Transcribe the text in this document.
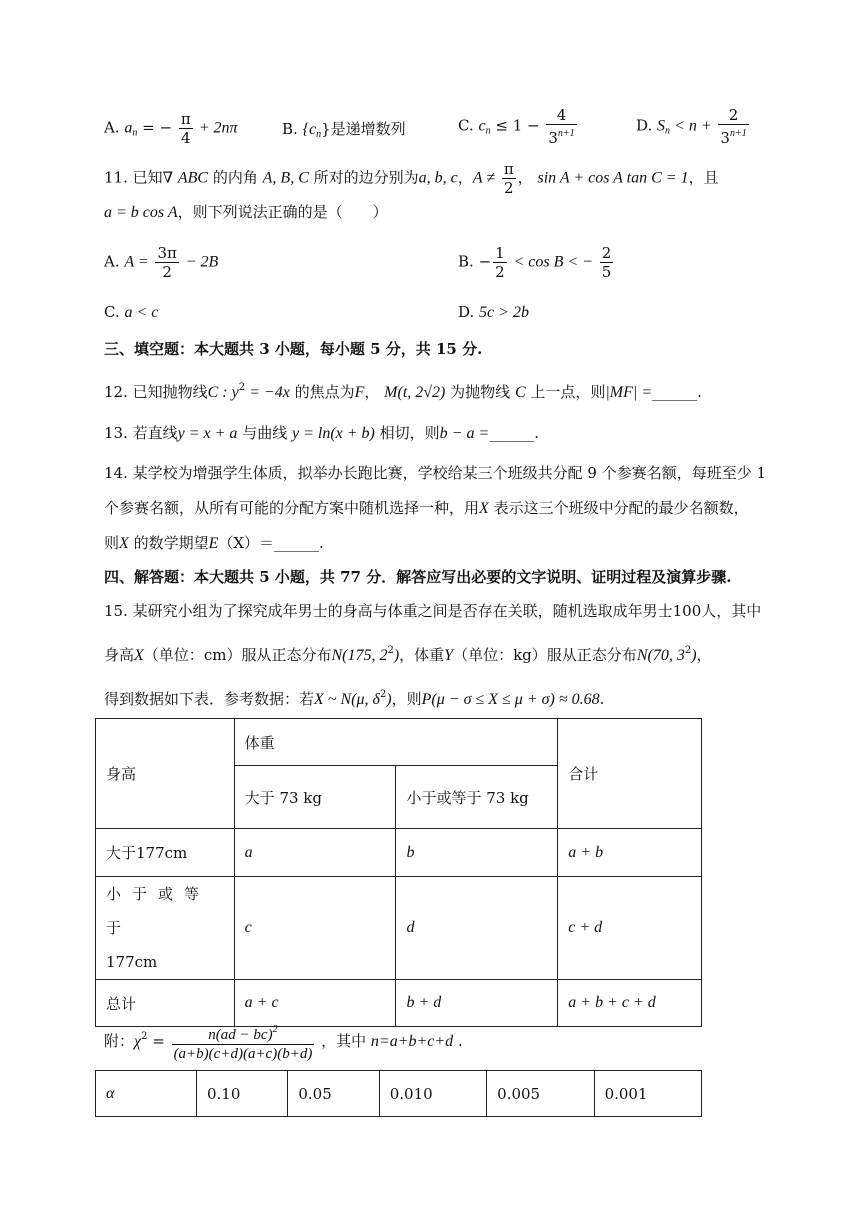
A. $a_n$ = − $\frac{\pi}{4} + 2n\pi$	B. $\{c_n\}$是递增数列	C. $c_n \le 1 - \frac{4}{3^{n+1}}$	D. $S_n < n + \frac{2}{3^{n+1}}$
11. 已知∇ ABC 的内角 A, B, C 所对的边分别为a, b, c，$A \ne \frac{\pi}{2}$ ， sin A + cos A tan C = 1，且
a = b cos A，则下列说法正确的是（　　）
A. $A = \frac{3\pi}{2} - 2B$	B. − $\frac{1}{2} < \cos B$ < − $\frac{2}{5}$
C. a < c	D. 5c > 2b
三、填空题：本大题共 3 小题，每小题 5 分，共 15 分.
12. 已知抛物线C : $y^2 = -4x$ 的焦点为F， M(t, 2√2) 为抛物线 C 上一点，则|MF| =______.
13. 若直线y = x + a 与曲线 y = ln(x + b) 相切，则b − a =______.
14. 某学校为增强学生体质，拟举办长跑比赛，学校给某三个班级共分配 9 个参赛名额，每班至少 1
个参赛名额，从所有可能的分配方案中随机选择一种，用X 表示这三个班级中分配的最少名额数，
则X 的数学期望E（X）＝______.
四、解答题：本大题共 5 小题，共 77 分．解答应写出必要的文字说明、证明过程及演算步骤.
15. 某研究小组为了探究成年男士的身高与体重之间是否存在关联，随机选取成年男士100人，其中
身高X（单位：cm）服从正态分布N(175, $2^2$)，体重Y（单位：kg）服从正态分布N(70, $3^2$)，
得到数据如下表．参考数据：若X ~ N(μ, $\delta^2$)，则P(μ − σ ≤ X ≤ μ + σ) ≈ 0.68.
身高	体重		合计
	大于 73 kg	小于或等于 73 kg	
大于177cm	a	b	a + b
小于或等于
177cm	c	d	c + d
总计	a + c	b + d	a + b + c + d
附：$\chi^2 = \frac{n(ad - bc)^2}{(a+b)(c+d)(a+c)(b+d)}$ ，其中 n=a+b+c+d .
α	0.10	0.05	0.010	0.005	0.001
